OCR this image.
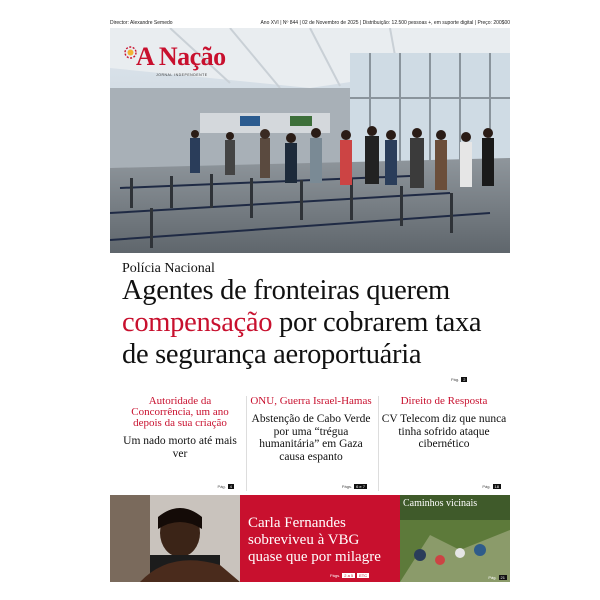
Director: Alexandre Semedo	Ano XVI | Nº 844 | 02 de Novembro de 2025 | Distribuição: 12.500 pessoas +, em suporte digital | Preço: 200$00
A Nação
JORNAL INDEPENDENTE
Polícia Nacional
Agentes de fronteiras querem
compensação por cobrarem taxa
de segurança aeroportuária
Pág. 2
Autoridade da Concorrência, um ano depois da sua criação
Um nado morto até mais ver
Pág. 4
ONU, Guerra Israel-Hamas
Abstenção de Cabo Verde por uma “trégua humanitária” em Gaza causa espanto
Págs. 6 e 7
Direito de Resposta
CV Telecom diz que nunca tinha sofrido ataque cibernético
Pág. 18
Carla Fernandes sobreviveu à VBG quase que por milagre
Págs. 2 a 5 ETC
Caminhos vicinais
Pág. 21
